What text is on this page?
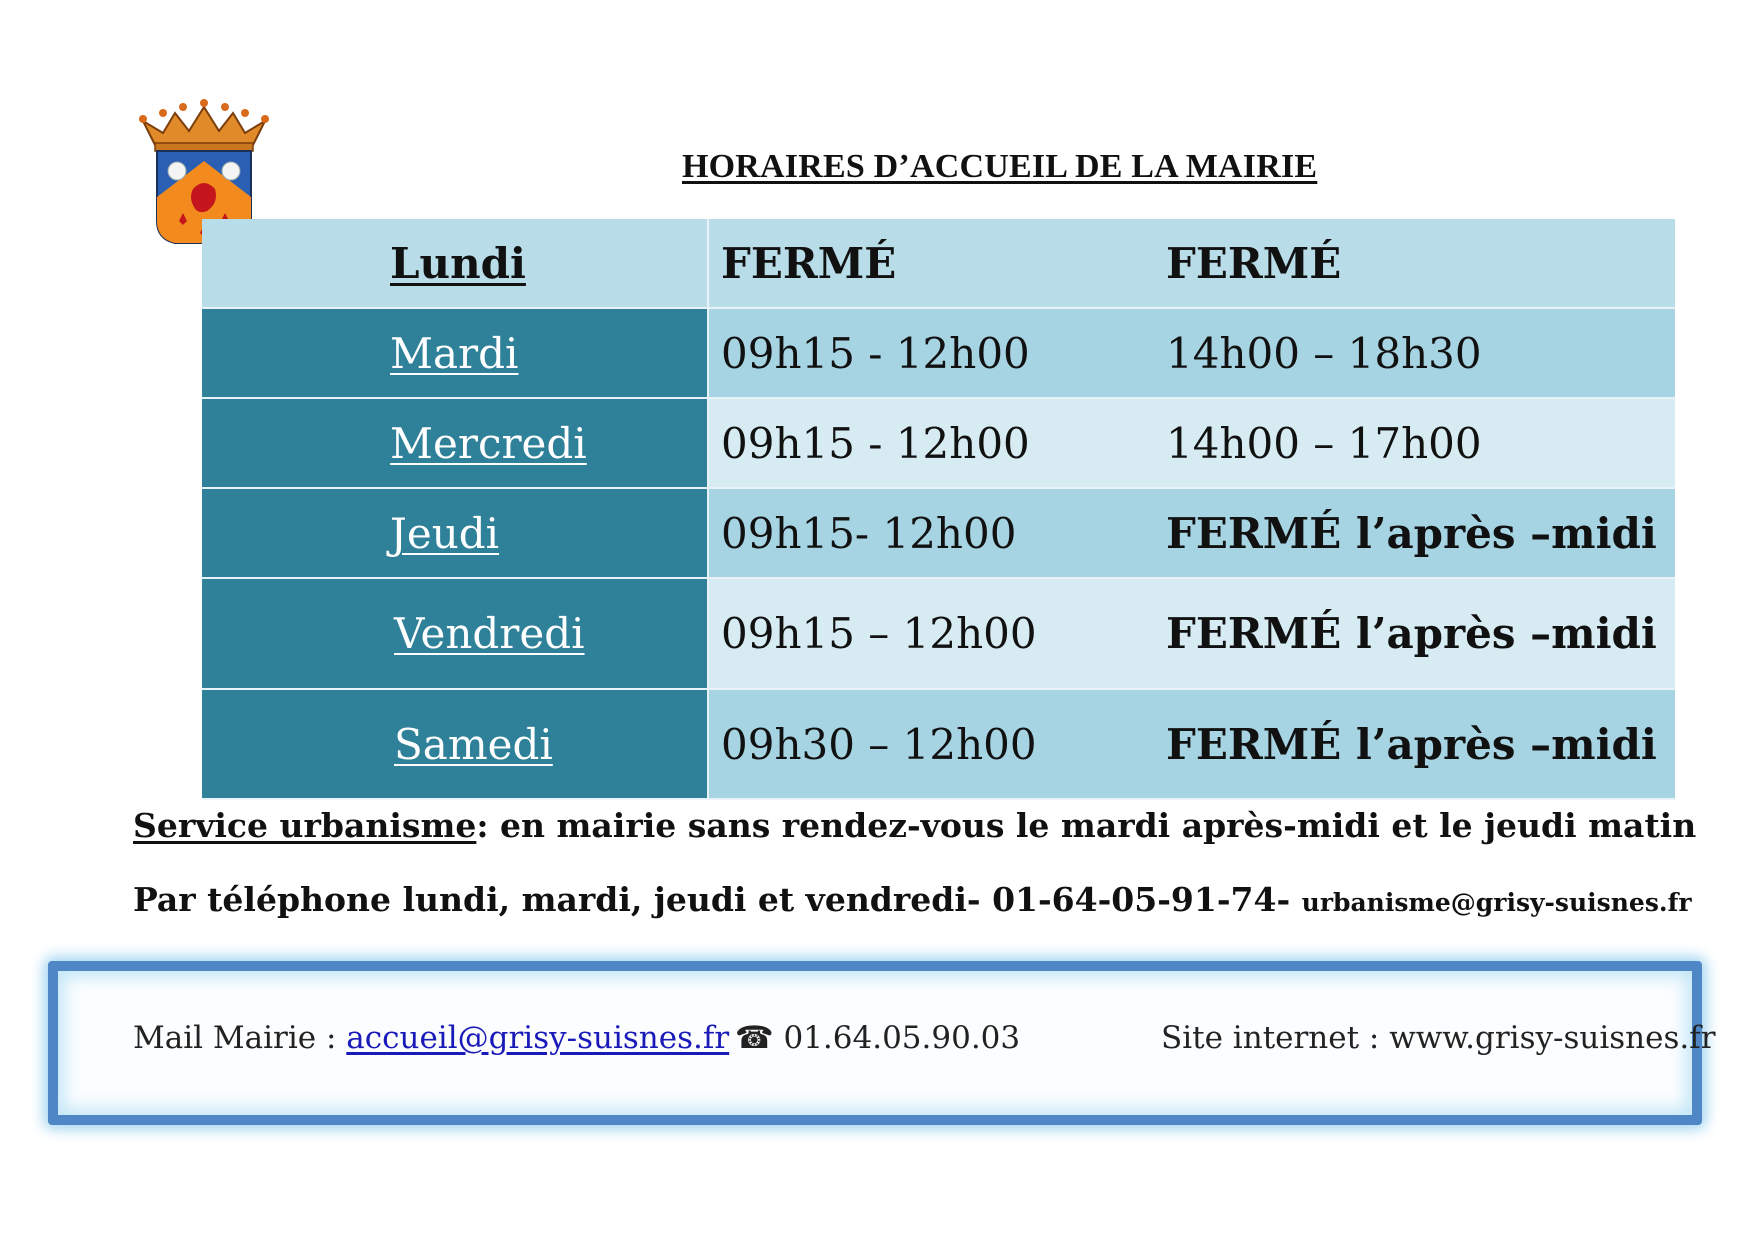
HORAIRES D’ACCUEIL DE LA MAIRIE
Lundi	FERMÉ	FERMÉ
Mardi	09h15 - 12h00	14h00 – 18h30
Mercredi	09h15 - 12h00	14h00 – 17h00
Jeudi	09h15- 12h00	FERMÉ l’après –midi
Vendredi	09h15 – 12h00	FERMÉ l’après –midi
Samedi	09h30 – 12h00	FERMÉ l’après –midi
Service urbanisme: en mairie sans rendez-vous le mardi après-midi et le jeudi matin
Par téléphone lundi, mardi, jeudi et vendredi- 01-64-05-91-74- urbanisme@grisy-suisnes.fr
Mail Mairie : accueil@grisy-suisnes.fr ☎ 01.64.05.90.03	Site internet : www.grisy-suisnes.fr
